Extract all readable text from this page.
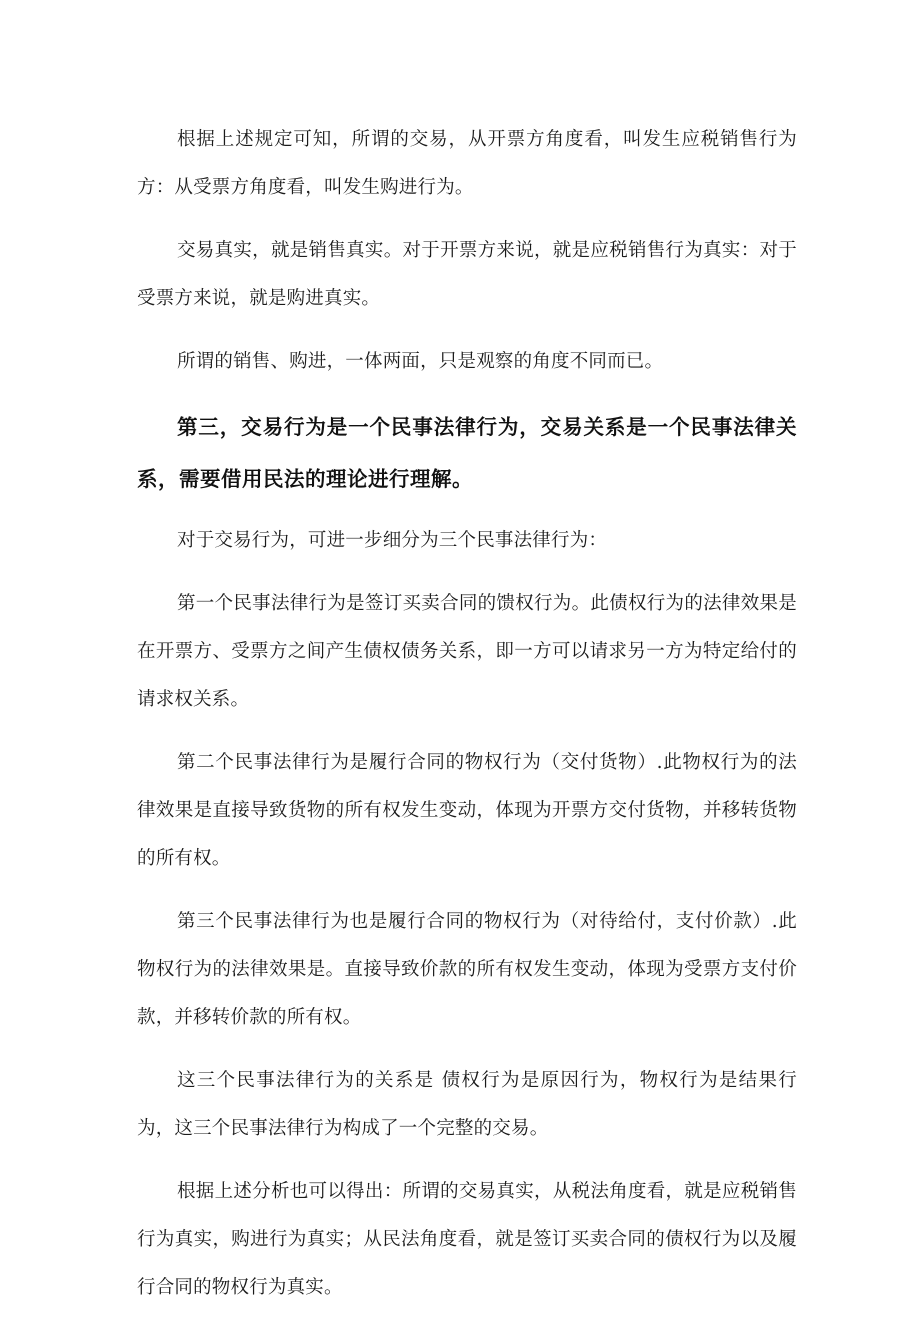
根据上述规定可知，所谓的交易，从开票方角度看，叫发生应税销售行为方：从受票方角度看，叫发生购进行为。

交易真实，就是销售真实。对于开票方来说，就是应税销售行为真实：对于受票方来说，就是购进真实。

所谓的销售、购进，一体两面，只是观察的角度不同而已。

第三，交易行为是一个民事法律行为，交易关系是一个民事法律关系，需要借用民法的理论进行理解。

对于交易行为，可进一步细分为三个民事法律行为：

第一个民事法律行为是签订买卖合同的馈权行为。此债权行为的法律效果是在开票方、受票方之间产生债权债务关系，即一方可以请求另一方为特定给付的请求权关系。

第二个民事法律行为是履行合同的物权行为（交付货物）.此物权行为的法律效果是直接导致货物的所有权发生变动，体现为开票方交付货物，并移转货物的所有权。

第三个民事法律行为也是履行合同的物权行为（对待给付，支付价款）.此物权行为的法律效果是。直接导致价款的所有权发生变动，体现为受票方支付价款，并移转价款的所有权。

这三个民事法律行为的关系是 债权行为是原因行为，物权行为是结果行为，这三个民事法律行为构成了一个完整的交易。

根据上述分析也可以得出：所谓的交易真实，从税法角度看，就是应税销售行为真实，购进行为真实；从民法角度看，就是签订买卖合同的债权行为以及履行合同的物权行为真实。
